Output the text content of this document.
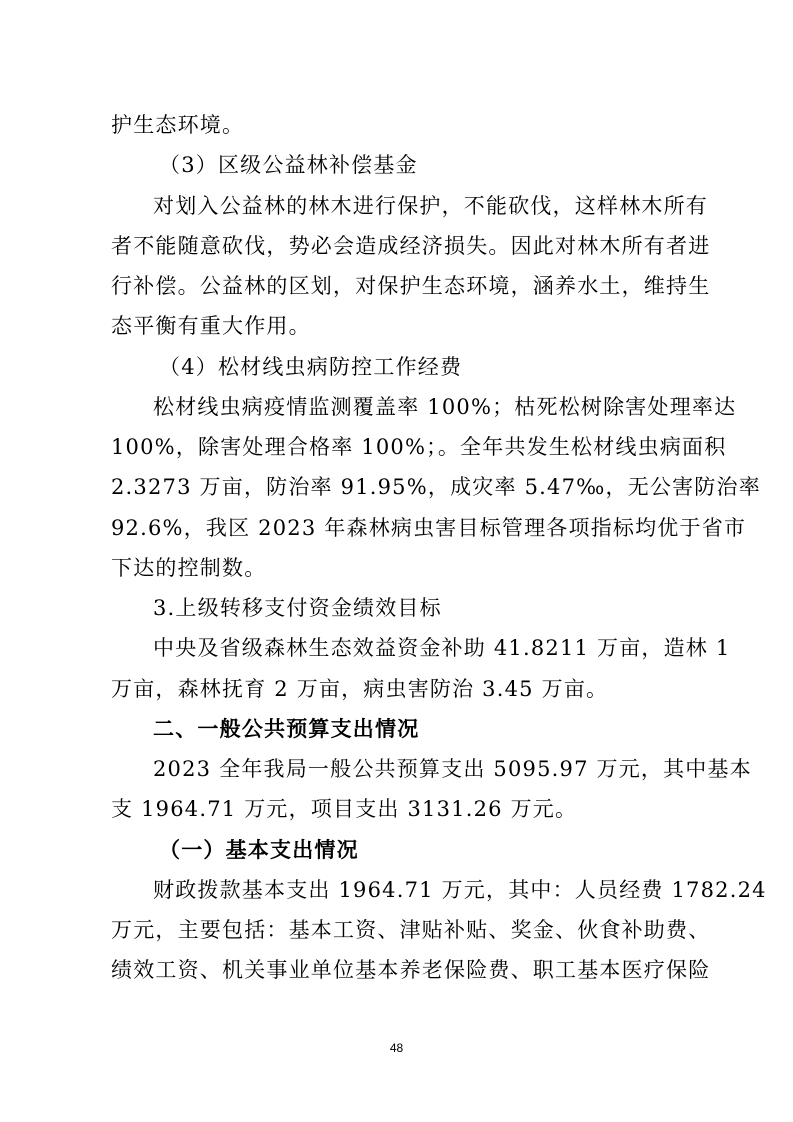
护生态环境。
（3）区级公益林补偿基金
对划入公益林的林木进行保护，不能砍伐，这样林木所有
者不能随意砍伐，势必会造成经济损失。因此对林木所有者进
行补偿。公益林的区划，对保护生态环境，涵养水土，维持生
态平衡有重大作用。
（4）松材线虫病防控工作经费
松材线虫病疫情监测覆盖率 100%；枯死松树除害处理率达
100%，除害处理合格率 100%；。全年共发生松材线虫病面积
2.3273 万亩，防治率 91.95%，成灾率 5.47‰，无公害防治率
92.6%，我区 2023 年森林病虫害目标管理各项指标均优于省市
下达的控制数。
3.上级转移支付资金绩效目标
中央及省级森林生态效益资金补助 41.8211 万亩，造林 1
万亩，森林抚育 2 万亩，病虫害防治 3.45 万亩。
二、一般公共预算支出情况
2023 全年我局一般公共预算支出 5095.97 万元，其中基本
支 1964.71 万元，项目支出 3131.26 万元。
（一）基本支出情况
财政拨款基本支出 1964.71 万元，其中：人员经费 1782.24
万元，主要包括：基本工资、津贴补贴、奖金、伙食补助费、
绩效工资、机关事业单位基本养老保险费、职工基本医疗保险
48
